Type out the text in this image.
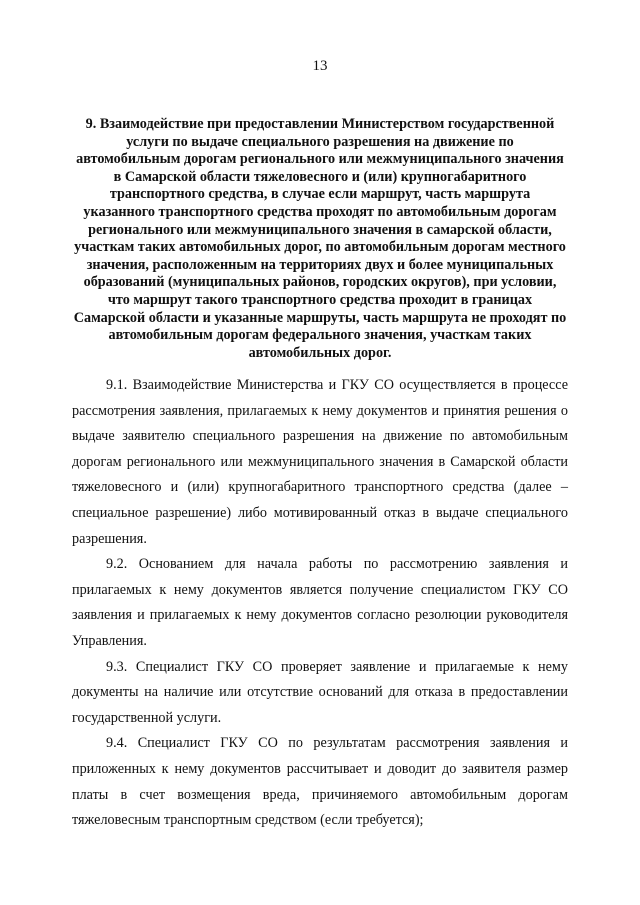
13
9. Взаимодействие при предоставлении Министерством государственной
услуги по выдаче специального разрешения на движение по
автомобильным дорогам регионального или межмуниципального значения
в Самарской области тяжеловесного и (или) крупногабаритного
транспортного средства, в случае если маршрут, часть маршрута
указанного транспортного средства проходят по автомобильным дорогам
регионального или межмуниципального значения в самарской области,
участкам таких автомобильных дорог, по автомобильным дорогам местного
значения, расположенным на территориях двух и более муниципальных
образований (муниципальных районов, городских округов), при условии,
что маршрут такого транспортного средства проходит в границах
Самарской области и указанные маршруты, часть маршрута не проходят по
автомобильным дорогам федерального значения, участкам таких
автомобильных дорог.
9.1. Взаимодействие Министерства и ГКУ СО осуществляется в процессе
рассмотрения заявления, прилагаемых к нему документов и принятия решения о
выдаче заявителю специального разрешения на движение по автомобильным
дорогам регионального или межмуниципального значения в Самарской области
тяжеловесного и (или) крупногабаритного транспортного средства (далее –
специальное разрешение) либо мотивированный отказ в выдаче специального
разрешения.
9.2. Основанием для начала работы по рассмотрению заявления и
прилагаемых к нему документов является получение специалистом ГКУ СО
заявления и прилагаемых к нему документов согласно резолюции руководителя
Управления.
9.3. Специалист ГКУ СО проверяет заявление и прилагаемые к нему
документы на наличие или отсутствие оснований для отказа в предоставлении
государственной услуги.
9.4. Специалист ГКУ СО по результатам рассмотрения заявления и
приложенных к нему документов рассчитывает и доводит до заявителя размер
платы в счет возмещения вреда, причиняемого автомобильным дорогам
тяжеловесным транспортным средством (если требуется);
